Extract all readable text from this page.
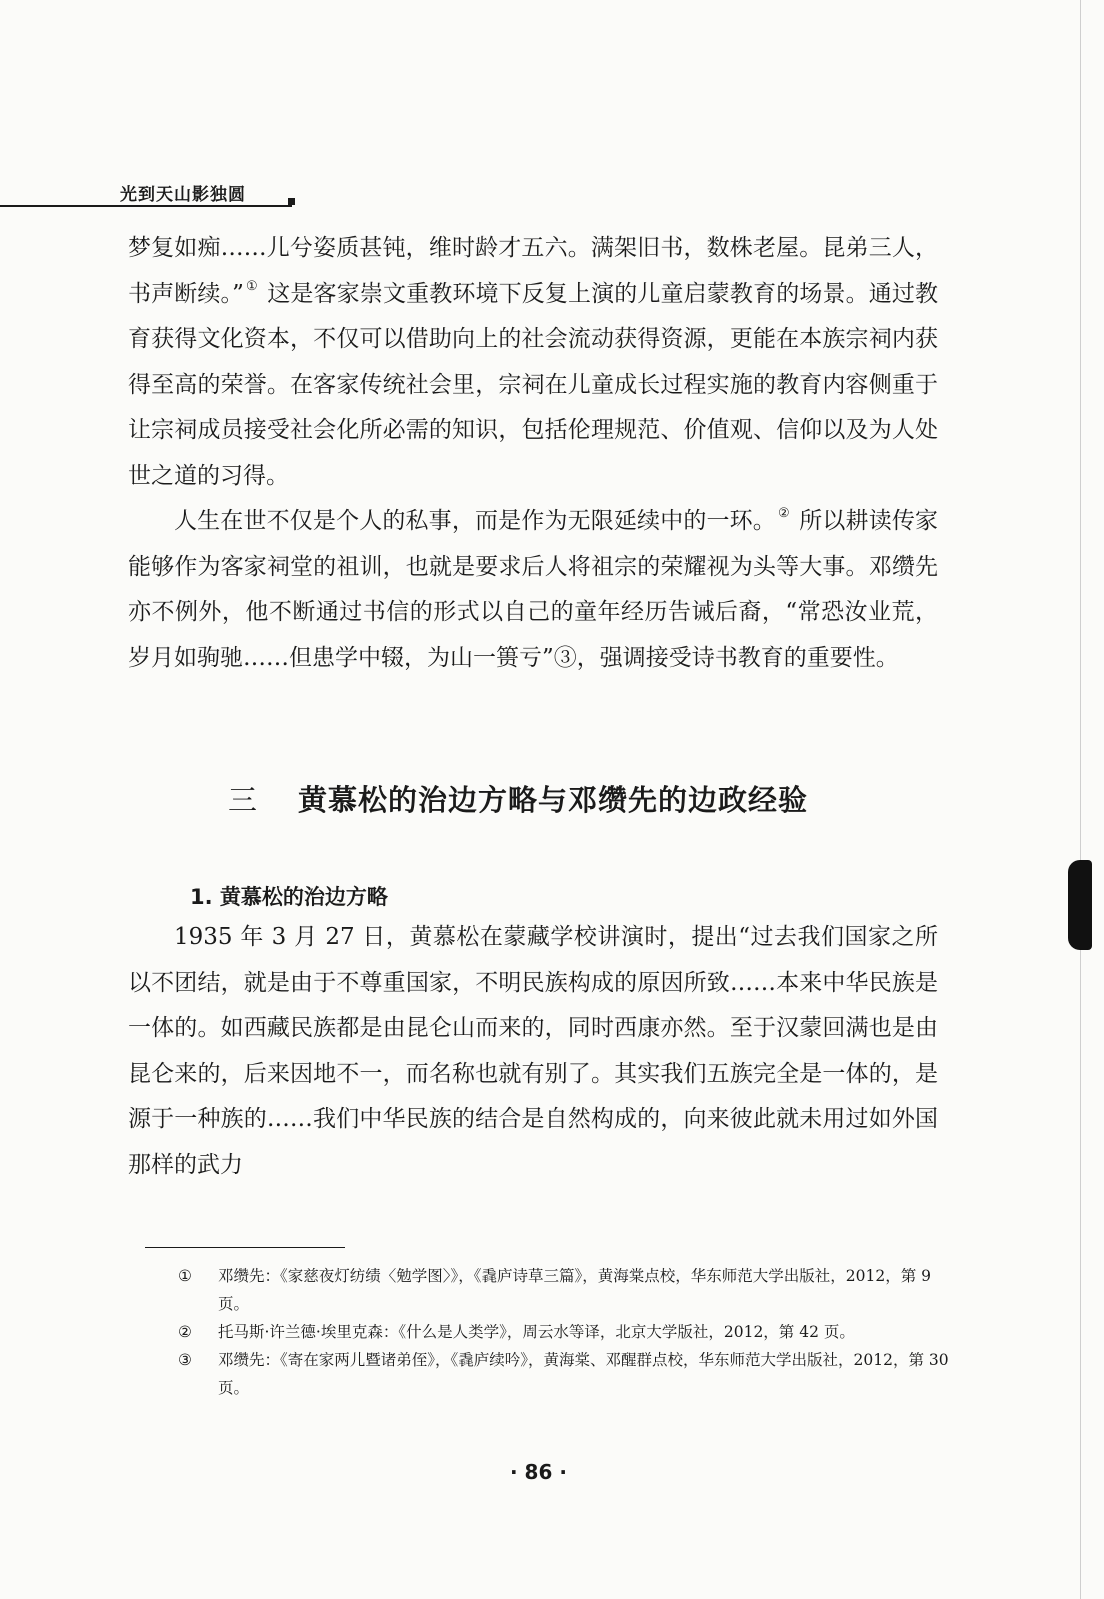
光到天山影独圆

梦复如痴……儿兮姿质甚钝，维时龄才五六。满架旧书，数株老屋。昆弟三人，书声断续。” ① 这是客家崇文重教环境下反复上演的儿童启蒙教育的场景。通过教育获得文化资本，不仅可以借助向上的社会流动获得资源，更能在本族宗祠内获得至高的荣誉。在客家传统社会里，宗祠在儿童成长过程实施的教育内容侧重于让宗祠成员接受社会化所必需的知识，包括伦理规范、价值观、信仰以及为人处世之道的习得。

人生在世不仅是个人的私事，而是作为无限延续中的一环。 ② 所以耕读传家能够作为客家祠堂的祖训，也就是要求后人将祖宗的荣耀视为头等大事。邓缵先亦不例外，他不断通过书信的形式以自己的童年经历告诫后裔，“常恐汝业荒，岁月如驹驰……但患学中辍，为山一篑亏”③，强调接受诗书教育的重要性。

三 黄慕松的治边方略与邓缵先的边政经验
1. 黄慕松的治边方略

1935 年 3 月 27 日，黄慕松在蒙藏学校讲演时，提出“过去我们国家之所以不团结，就是由于不尊重国家，不明民族构成的原因所致……本来中华民族是一体的。如西藏民族都是由昆仑山而来的，同时西康亦然。至于汉蒙回满也是由昆仑来的，后来因地不一，而名称也就有别了。其实我们五族完全是一体的，是源于一种族的……我们中华民族的结合是自然构成的，向来彼此就未用过如外国那样的武力

① 邓缵先：《家慈夜灯纺绩〈勉学图〉》，《毳庐诗草三篇》，黄海棠点校，华东师范大学出版社，2012，第 9 页。

② 托马斯·许兰德·埃里克森：《什么是人类学》，周云水等译，北京大学版社，2012，第 42 页。

③ 邓缵先：《寄在家两儿暨诸弟侄》，《毳庐续吟》，黄海棠、邓醒群点校，华东师范大学出版社，2012，第 30 页。

· 86 ·
